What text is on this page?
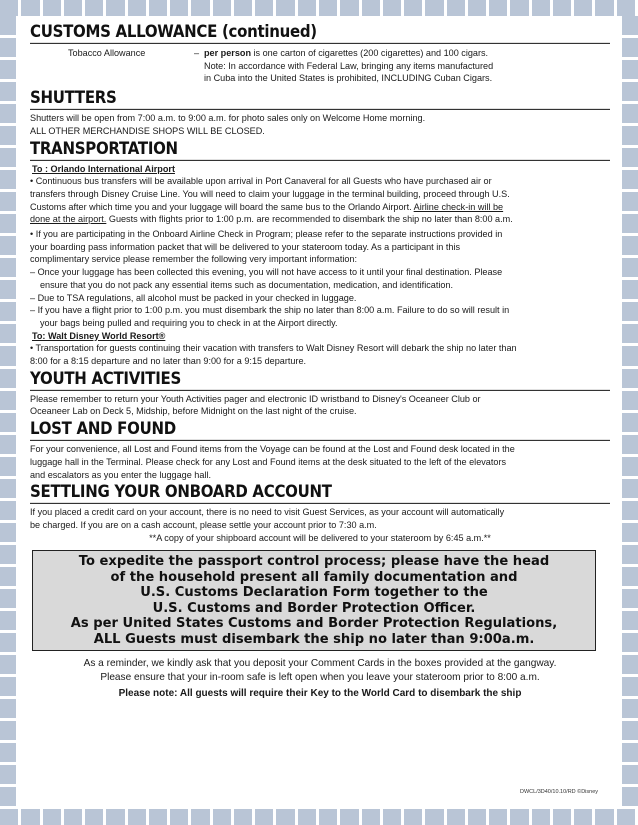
CUSTOMS ALLOWANCE (continued)
Tobacco Allowance	– per person is one carton of cigarettes (200 cigarettes) and 100 cigars.
Note: In accordance with Federal Law, bringing any items manufactured
in Cuba into the United States is prohibited, INCLUDING Cuban Cigars.
SHUTTERS
Shutters will be open from 7:00 a.m. to 9:00 a.m. for photo sales only on Welcome Home morning.
ALL OTHER MERCHANDISE SHOPS WILL BE CLOSED.
TRANSPORTATION
To : Orlando International Airport
• Continuous bus transfers will be available upon arrival in Port Canaveral for all Guests who have purchased air or
transfers through Disney Cruise Line. You will need to claim your luggage in the terminal building, proceed through U.S.
Customs after which time you and your luggage will board the same bus to the Orlando Airport. Airline check-in will be
done at the airport. Guests with flights prior to 1:00 p.m. are recommended to disembark the ship no later than 8:00 a.m.
• If you are participating in the Onboard Airline Check in Program; please refer to the separate instructions provided in
your boarding pass information packet that will be delivered to your stateroom today. As a participant in this
complimentary service please remember the following very important information:
– Once your luggage has been collected this evening, you will not have access to it until your final destination. Please
ensure that you do not pack any essential items such as documentation, medication, and identification.
– Due to TSA regulations, all alcohol must be packed in your checked in luggage.
– If you have a flight prior to 1:00 p.m. you must disembark the ship no later than 8:00 a.m. Failure to do so will result in
your bags being pulled and requiring you to check in at the Airport directly.
To: Walt Disney World Resort®
• Transportation for guests continuing their vacation with transfers to Walt Disney Resort will debark the ship no later than
8:00 for a 8:15 departure and no later than 9:00 for a 9:15 departure.
YOUTH ACTIVITIES
Please remember to return your Youth Activities pager and electronic ID wristband to Disney's Oceaneer Club or
Oceaneer Lab on Deck 5, Midship, before Midnight on the last night of the cruise.
LOST AND FOUND
For your convenience, all Lost and Found items from the Voyage can be found at the Lost and Found desk located in the
luggage hall in the Terminal. Please check for any Lost and Found items at the desk situated to the left of the elevators
and escalators as you enter the luggage hall.
SETTLING YOUR ONBOARD ACCOUNT
If you placed a credit card on your account, there is no need to visit Guest Services, as your account will automatically
be charged. If you are on a cash account, please settle your account prior to 7:30 a.m.
**A copy of your shipboard account will be delivered to your stateroom by 6:45 a.m.**
To expedite the passport control process; please have the head
of the household present all family documentation and
U.S. Customs Declaration Form together to the
U.S. Customs and Border Protection Officer.
As per United States Customs and Border Protection Regulations,
ALL Guests must disembark the ship no later than 9:00a.m.
As a reminder, we kindly ask that you deposit your Comment Cards in the boxes provided at the gangway.
Please ensure that your in-room safe is left open when you leave your stateroom prior to 8:00 a.m.
Please note: All guests will require their Key to the World Card to disembark the ship
DWCL/3D40/10.10/RD ©Disney
